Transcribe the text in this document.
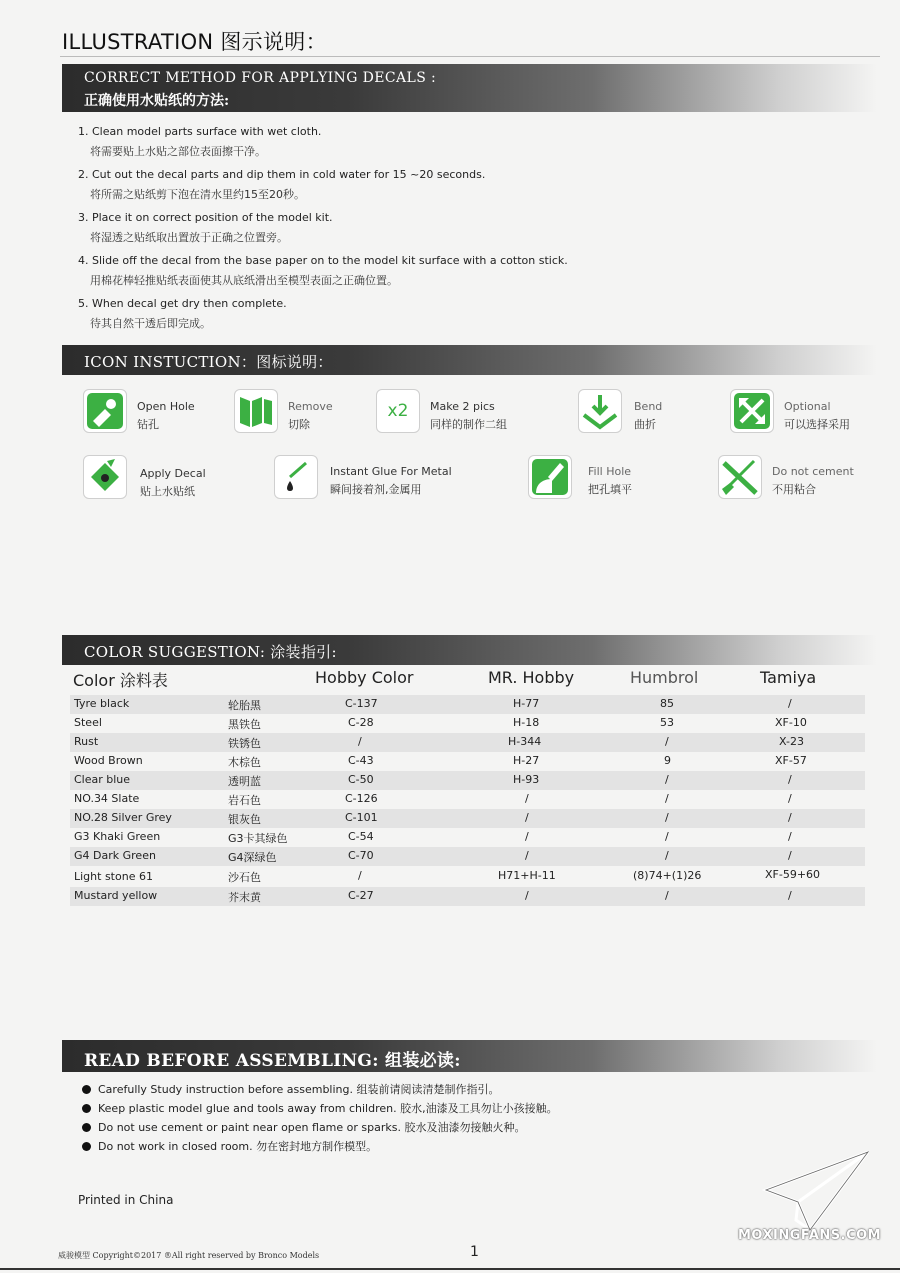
ILLUSTRATION 图示说明：
CORRECT METHOD FOR APPLYING DECALS :
正确使用水贴纸的方法:
1. Clean model parts surface with wet cloth.
将需要贴上水贴之部位表面擦干净。
2. Cut out the decal parts and dip them in cold water for 15 ~20 seconds.
将所需之贴纸剪下泡在清水里约15至20秒。
3. Place it on correct position of the model kit.
将湿透之贴纸取出置放于正确之位置旁。
4. Slide off the decal from the base paper on to the model kit surface with a cotton stick.
用棉花棒轻推贴纸表面使其从底纸滑出至模型表面之正确位置。
5. When decal get dry then complete.
待其自然干透后即完成。
ICON INSTUCTION：图标说明：
Open Hole
钻孔
Remove
切除
x2 Make 2 pics
同样的制作二组
Bend
曲折
Optional
可以选择采用
Apply Decal
贴上水贴纸
Instant Glue For Metal
瞬间接着剂,金属用
Fill Hole
把孔填平
Do not cement
不用粘合
COLOR SUGGESTION: 涂装指引:
Color 涂料表	Hobby Color	MR. Hobby	Humbrol	Tamiya
Tyre black	轮胎黑	C-137	H-77	85	/
Steel	黑铁色	C-28	H-18	53	XF-10
Rust	铁锈色	/	H-344	/	X-23
Wood Brown	木棕色	C-43	H-27	9	XF-57
Clear blue	透明蓝	C-50	H-93	/	/
NO.34 Slate	岩石色	C-126	/	/	/
NO.28 Silver Grey	银灰色	C-101	/	/	/
G3 Khaki Green	G3卡其绿色	C-54	/	/	/
G4 Dark Green	G4深绿色	C-70	/	/	/
Light stone 61	沙石色	/	H71+H-11	(8)74+(1)26	XF-59+60
Mustard yellow	芥末黄	C-27	/	/	/
READ BEFORE ASSEMBLING: 组装必读:
Carefully Study instruction before assembling. 组装前请阅读清楚制作指引。
Keep plastic model glue and tools away from children. 胶水,油漆及工具勿让小孩接触。
Do not use cement or paint near open flame or sparks. 胶水及油漆勿接触火种。
Do not work in closed room. 勿在密封地方制作模型。
Printed in China
威骏模型 Copyright©2017 ®All right reserved by Bronco Models	1
MOXINGFANS.COM
